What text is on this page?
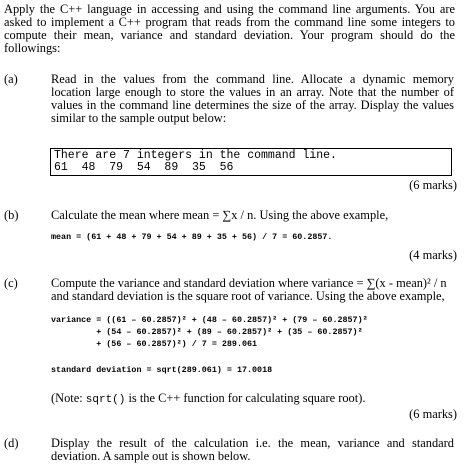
Apply the C++ language in accessing and using the command line arguments. You are
asked to implement a C++ program that reads from the command line some integers to
compute their mean, variance and standard deviation. Your program should do the
followings:
(a)	Read in the values from the command line. Allocate a dynamic memory
location large enough to store the values in an array. Note that the number of
values in the command line determines the size of the array. Display the values
similar to the sample output below:
There are 7 integers in the command line.
61  48  79  54  89  35  56
(6 marks)
(b)	Calculate the mean where mean = ∑x / n. Using the above example,
mean = (61 + 48 + 79 + 54 + 89 + 35 + 56) / 7 = 60.2857.
(4 marks)
(c)	Compute the variance and standard deviation where variance = ∑(x - mean)² / n
and standard deviation is the square root of variance. Using the above example,
variance = ((61 – 60.2857)² + (48 – 60.2857)² + (79 – 60.2857)²
+ (54 – 60.2857)² + (89 – 60.2857)² + (35 – 60.2857)²
+ (56 – 60.2857)²) / 7 = 289.061
standard deviation = sqrt(289.061) = 17.0018
(Note: sqrt() is the C++ function for calculating square root).
(6 marks)
(d)	Display the result of the calculation i.e. the mean, variance and standard
deviation. A sample out is shown below.
